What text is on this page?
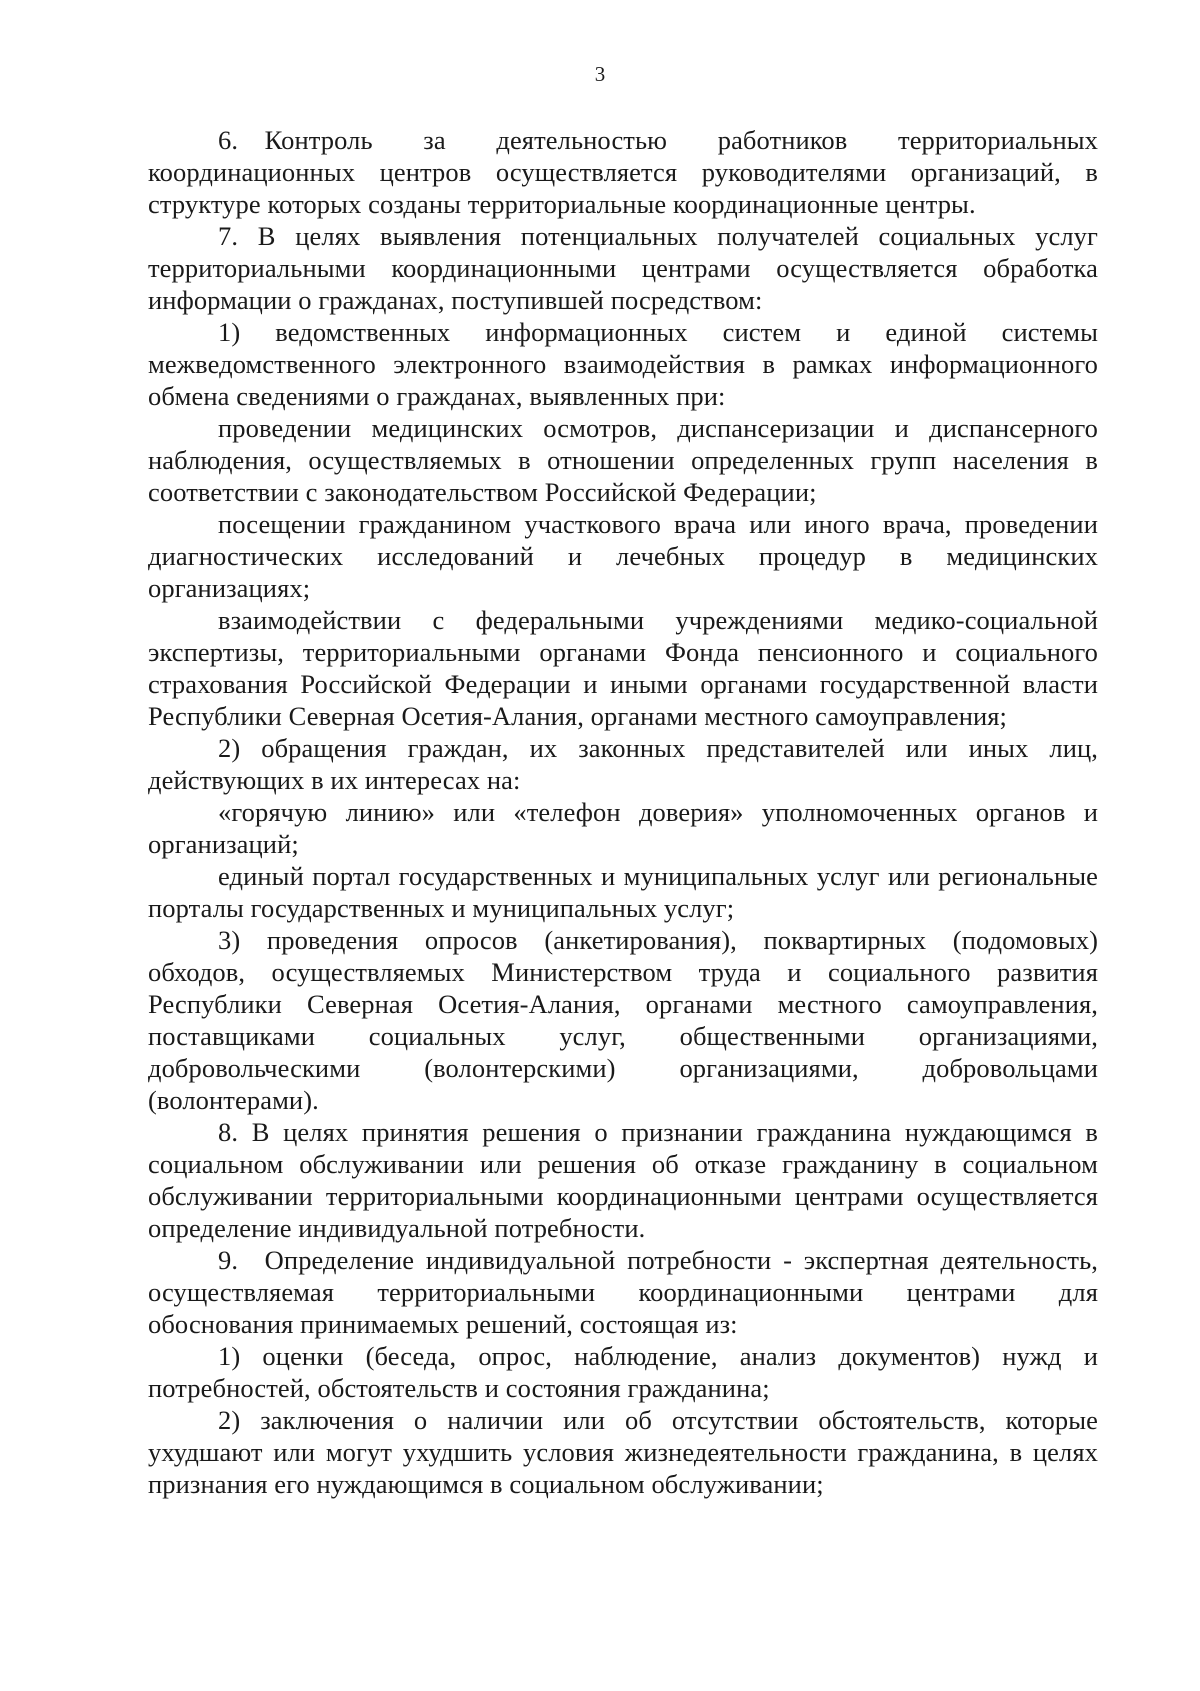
3

6. Контроль за деятельностью работников территориальных координационных центров осуществляется руководителями организаций, в структуре которых созданы территориальные координационные центры.

7. В целях выявления потенциальных получателей социальных услуг территориальными координационными центрами осуществляется обработка информации о гражданах, поступившей посредством:

1) ведомственных информационных систем и единой системы межведомственного электронного взаимодействия в рамках информационного обмена сведениями о гражданах, выявленных при:

проведении медицинских осмотров, диспансеризации и диспансерного наблюдения, осуществляемых в отношении определенных групп населения в соответствии с законодательством Российской Федерации;

посещении гражданином участкового врача или иного врача, проведении диагностических исследований и лечебных процедур в медицинских организациях;

взаимодействии с федеральными учреждениями медико-социальной экспертизы, территориальными органами Фонда пенсионного и социального страхования Российской Федерации и иными органами государственной власти Республики Северная Осетия-Алания, органами местного самоуправления;

2) обращения граждан, их законных представителей или иных лиц, действующих в их интересах на:

«горячую линию» или «телефон доверия» уполномоченных органов и организаций;

единый портал государственных и муниципальных услуг или региональные порталы государственных и муниципальных услуг;

3) проведения опросов (анкетирования), поквартирных (подомовых) обходов, осуществляемых Министерством труда и социального развития Республики Северная Осетия-Алания, органами местного самоуправления, поставщиками социальных услуг, общественными организациями, добровольческими (волонтерскими) организациями, добровольцами (волонтерами).

8. В целях принятия решения о признании гражданина нуждающимся в социальном обслуживании или решения об отказе гражданину в социальном обслуживании территориальными координационными центрами осуществляется определение индивидуальной потребности.

9. Определение индивидуальной потребности - экспертная деятельность, осуществляемая территориальными координационными центрами для обоснования принимаемых решений, состоящая из:

1) оценки (беседа, опрос, наблюдение, анализ документов) нужд и потребностей, обстоятельств и состояния гражданина;

2) заключения о наличии или об отсутствии обстоятельств, которые ухудшают или могут ухудшить условия жизнедеятельности гражданина, в целях признания его нуждающимся в социальном обслуживании;
